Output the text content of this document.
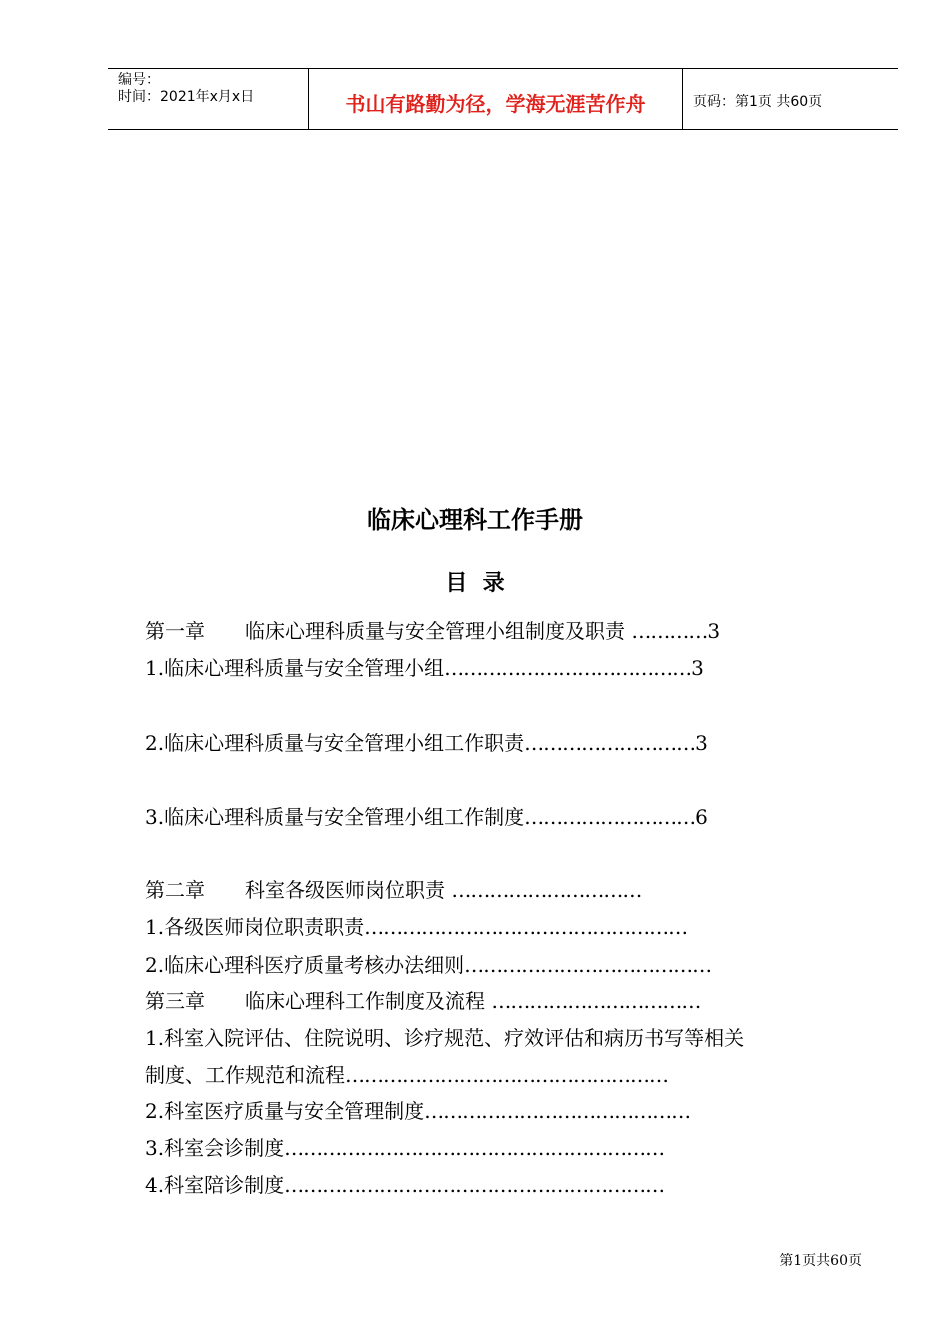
编号：
时间：2021年x月x日	书山有路勤为径，学海无涯苦作舟	页码：第1页 共60页
临床心理科工作手册
目  录
第一章　　临床心理科质量与安全管理小组制度及职责 …………3
1.临床心理科质量与安全管理小组…………………………………3
2.临床心理科质量与安全管理小组工作职责………………………3
3.临床心理科质量与安全管理小组工作制度………………………6
第二章　　科室各级医师岗位职责 …………………………
1.各级医师岗位职责职责……………………………………………
2.临床心理科医疗质量考核办法细则…………………………………
第三章　　临床心理科工作制度及流程 ……………………………
1.科室入院评估、住院说明、诊疗规范、疗效评估和病历书写等相关
制度、工作规范和流程……………………………………………
2.科室医疗质量与安全管理制度……………………………………
3.科室会诊制度……………………………………………………
4.科室陪诊制度……………………………………………………
第1页共60页
